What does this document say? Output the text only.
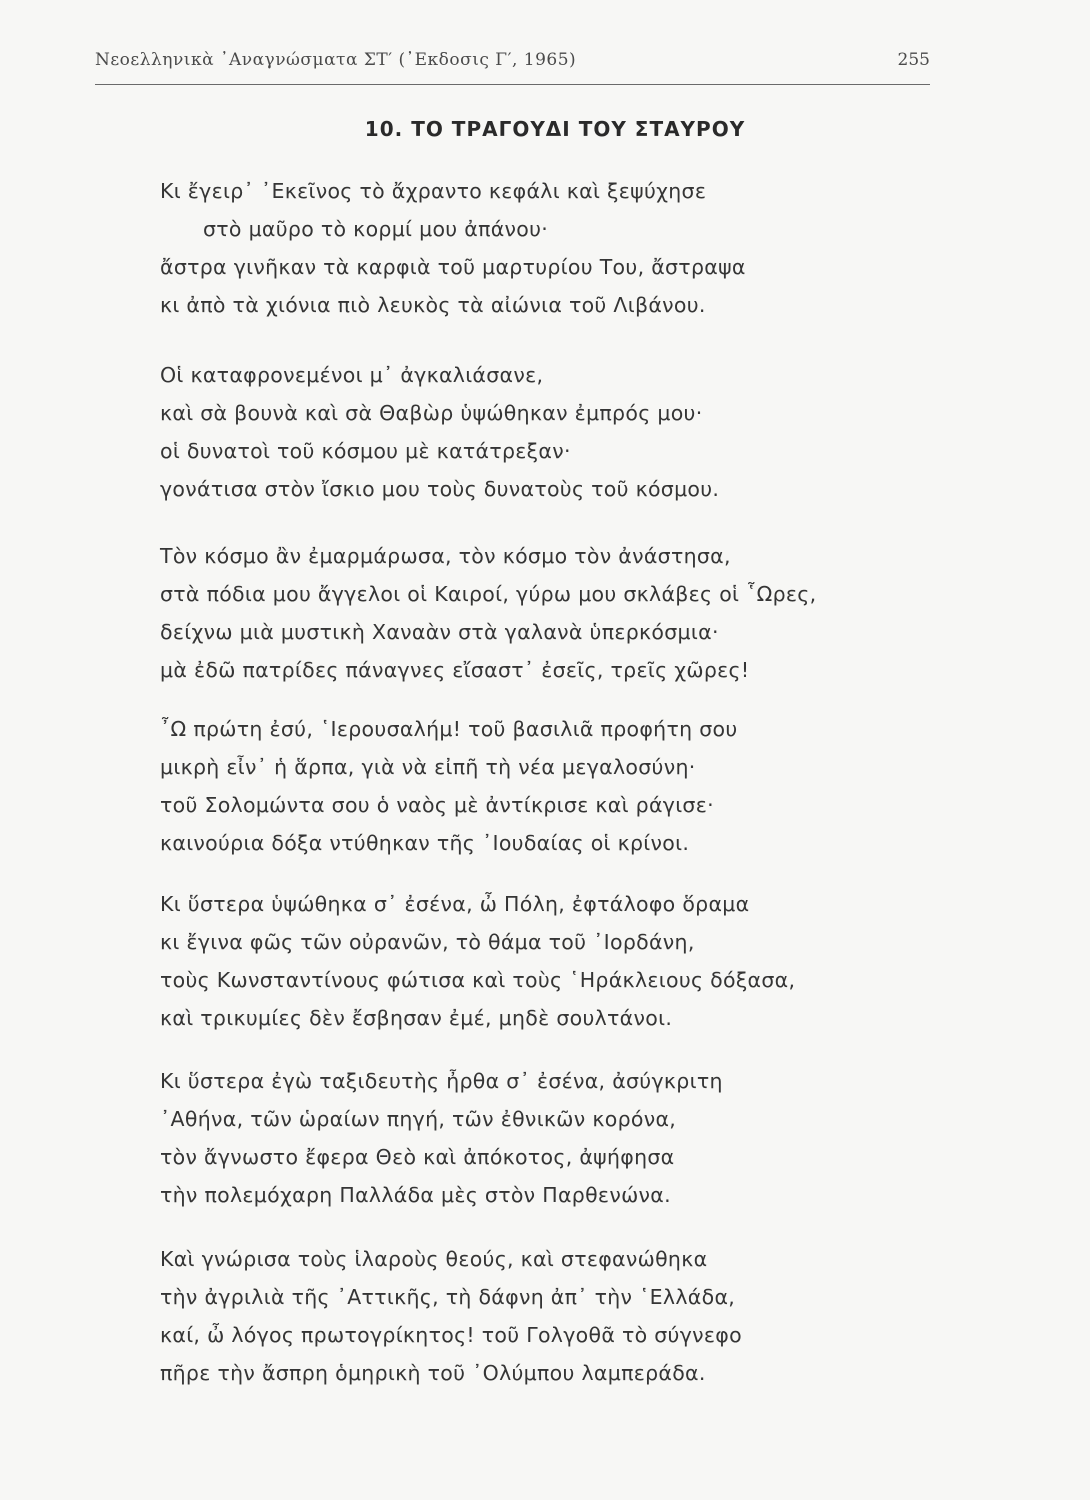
Νεοελληνικὰ ᾽Αναγνώσματα ΣΤ′ (᾽Εκδοσις Γ′, 1965)	255
10. ΤΟ ΤΡΑΓΟΥΔΙ ΤΟΥ ΣΤΑΥΡΟΥ
Κι ἔγειρ᾽ ᾽Εκεῖνος τὸ ἄχραντο κεφάλι καὶ ξεψύχησε
στὸ μαῦρο τὸ κορμί μου ἀπάνου·
ἄστρα γινῆκαν τὰ καρφιὰ τοῦ μαρτυρίου Του, ἄστραψα
κι ἀπὸ τὰ χιόνια πιὸ λευκὸς τὰ αἰώνια τοῦ Λιβάνου.
Οἱ καταφρονεμένοι μ᾽ ἀγκαλιάσανε,
καὶ σὰ βουνὰ καὶ σὰ Θαβὼρ ὑψώθηκαν ἐμπρός μου·
οἱ δυνατοὶ τοῦ κόσμου μὲ κατάτρεξαν·
γονάτισα στὸν ἴσκιο μου τοὺς δυνατοὺς τοῦ κόσμου.
Τὸν κόσμο ἂν ἐμαρμάρωσα, τὸν κόσμο τὸν ἀνάστησα,
στὰ πόδια μου ἄγγελοι οἱ Καιροί, γύρω μου σκλάβες οἱ ῟Ωρες,
δείχνω μιὰ μυστικὴ Χαναὰν στὰ γαλανὰ ὑπερκόσμια·
μὰ ἐδῶ πατρίδες πάναγνες εἴσαστ᾽ ἐσεῖς, τρεῖς χῶρες!
῏Ω πρώτη ἐσύ, ῾Ιερουσαλήμ! τοῦ βασιλιᾶ προφήτη σου
μικρὴ εἶν᾽ ἡ ἅρπα, γιὰ νὰ εἰπῆ τὴ νέα μεγαλοσύνη·
τοῦ Σολομώντα σου ὁ ναὸς μὲ ἀντίκρισε καὶ ράγισε·
καινούρια δόξα ντύθηκαν τῆς ᾽Ιουδαίας οἱ κρίνοι.
Κι ὕστερα ὑψώθηκα σ᾽ ἐσένα, ὦ Πόλη, ἐφτάλοφο ὅραμα
κι ἔγινα φῶς τῶν οὐρανῶν, τὸ θάμα τοῦ ᾽Ιορδάνη,
τοὺς Κωνσταντίνους φώτισα καὶ τοὺς ῾Ηράκλειους δόξασα,
καὶ τρικυμίες δὲν ἔσβησαν ἐμέ, μηδὲ σουλτάνοι.
Κι ὕστερα ἐγὼ ταξιδευτὴς ἦρθα σ᾽ ἐσένα, ἀσύγκριτη
᾽Αθήνα, τῶν ὡραίων πηγή, τῶν ἐθνικῶν κορόνα,
τὸν ἄγνωστο ἔφερα Θεὸ καὶ ἀπόκοτος, ἀψήφησα
τὴν πολεμόχαρη Παλλάδα μὲς στὸν Παρθενώνα.
Καὶ γνώρισα τοὺς ἱλαροὺς θεούς, καὶ στεφανώθηκα
τὴν ἀγριλιὰ τῆς ᾽Αττικῆς, τὴ δάφνη ἀπ᾽ τὴν ῾Ελλάδα,
καί, ὦ λόγος πρωτογρίκητος! τοῦ Γολγοθᾶ τὸ σύγνεφο
πῆρε τὴν ἄσπρη ὁμηρικὴ τοῦ ᾽Ολύμπου λαμπεράδα.
